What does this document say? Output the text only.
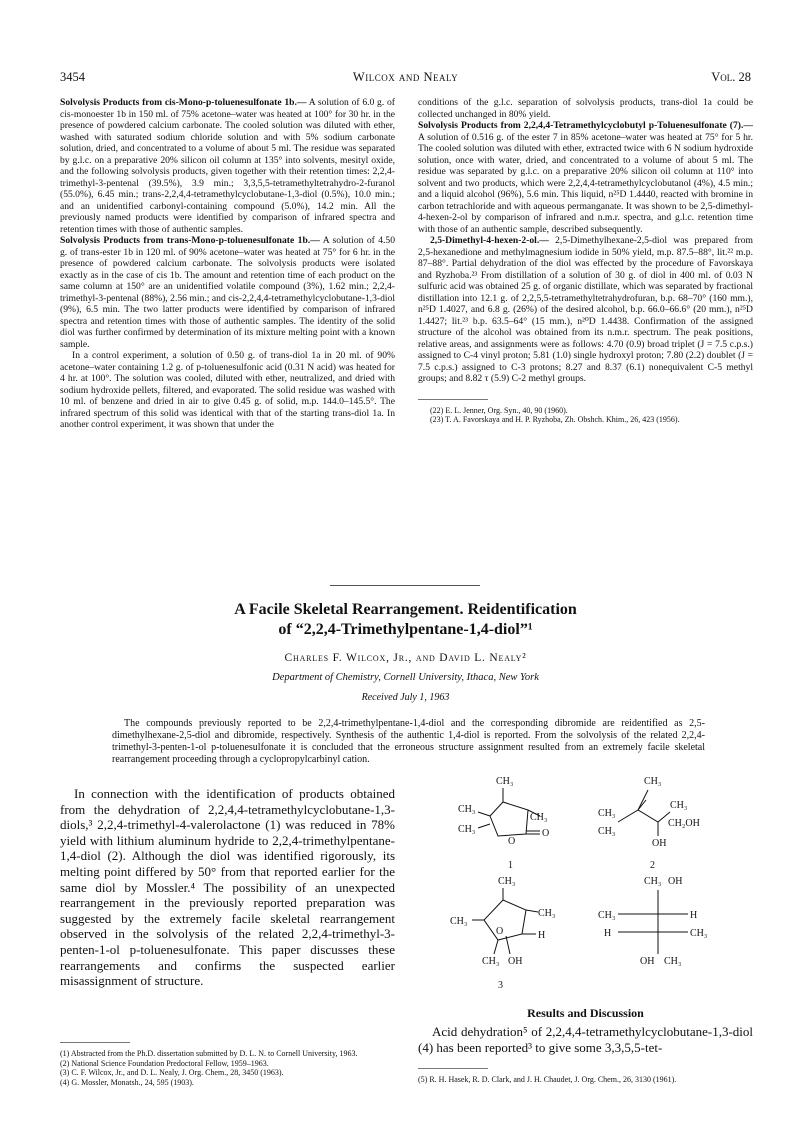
3454	Wilcox and Nealy	Vol. 28

Solvolysis Products from cis-Mono-p-toluenesulfonate 1b.— A solution of 6.0 g. of cis-monoester 1b in 150 ml. of 75% acetone–water was heated at 100° for 30 hr. in the presence of powdered calcium carbonate. The cooled solution was diluted with ether, washed with saturated sodium chloride solution and with 5% sodium carbonate solution, dried, and concentrated to a volume of about 5 ml. The residue was separated by g.l.c. on a preparative 20% silicon oil column at 135° into solvents, mesityl oxide, and the following solvolysis products, given together with their retention times: 2,2,4-trimethyl-3-pentenal (39.5%), 3.9 min.; 3,3,5,5-tetramethyltetrahydro-2-furanol (55.0%), 6.45 min.; trans-2,2,4,4-tetramethylcyclobutane-1,3-diol (0.5%), 10.0 min.; and an unidentified carbonyl-containing compound (5.0%), 14.2 min. All the previously named products were identified by comparison of infrared spectra and retention times with those of authentic samples.

Solvolysis Products from trans-Mono-p-toluenesulfonate 1b.— A solution of 4.50 g. of trans-ester 1b in 120 ml. of 90% acetone–water was heated at 75° for 6 hr. in the presence of powdered calcium carbonate. The solvolysis products were isolated exactly as in the case of cis 1b. The amount and retention time of each product on the same column at 150° are an unidentified volatile compound (3%), 1.62 min.; 2,2,4-trimethyl-3-pentenal (88%), 2.56 min.; and cis-2,2,4,4-tetramethylcyclobutane-1,3-diol (9%), 6.5 min. The two latter products were identified by comparison of infrared spectra and retention times with those of authentic samples. The identity of the solid diol was further confirmed by determination of its mixture melting point with a known sample.

In a control experiment, a solution of 0.50 g. of trans-diol 1a in 20 ml. of 90% acetone–water containing 1.2 g. of p-toluenesulfonic acid (0.31 N acid) was heated for 4 hr. at 100°. The solution was cooled, diluted with ether, neutralized, and dried with sodium hydroxide pellets, filtered, and evaporated. The solid residue was washed with 10 ml. of benzene and dried in air to give 0.45 g. of solid, m.p. 144.0–145.5°. The infrared spectrum of this solid was identical with that of the starting trans-diol 1a. In another control experiment, it was shown that under the

conditions of the g.l.c. separation of solvolysis products, trans-diol 1a could be collected unchanged in 80% yield.

Solvolysis Products from 2,2,4,4-Tetramethylcyclobutyl p-Toluenesulfonate (7).— A solution of 0.516 g. of the ester 7 in 85% acetone–water was heated at 75° for 5 hr. The cooled solution was diluted with ether, extracted twice with 6 N sodium hydroxide solution, once with water, dried, and concentrated to a volume of about 5 ml. The residue was separated by g.l.c. on a preparative 20% silicon oil column at 110° into solvent and two products, which were 2,2,4,4-tetramethylcyclobutanol (4%), 4.5 min.; and a liquid alcohol (96%), 5.6 min. This liquid, n²⁵D 1.4440, reacted with bromine in carbon tetrachloride and with aqueous permanganate. It was shown to be 2,5-dimethyl-4-hexen-2-ol by comparison of infrared and n.m.r. spectra, and g.l.c. retention time with those of an authentic sample, described subsequently.

2,5-Dimethyl-4-hexen-2-ol.— 2,5-Dimethylhexane-2,5-diol was prepared from 2,5-hexanedione and methylmagnesium iodide in 50% yield, m.p. 87.5–88°, lit.²² m.p. 87–88°. Partial dehydration of the diol was effected by the procedure of Favorskaya and Ryzhoba.²³ From distillation of a solution of 30 g. of diol in 400 ml. of 0.03 N sulfuric acid was obtained 25 g. of organic distillate, which was separated by fractional distillation into 12.1 g. of 2,2,5,5-tetramethyltetrahydrofuran, b.p. 68–70° (160 mm.), n²⁵D 1.4027, and 6.8 g. (26%) of the desired alcohol, b.p. 66.0–66.6° (20 mm.), n²⁵D 1.4427; lit.²³ b.p. 63.5–64° (15 mm.), n²⁰D 1.4438. Confirmation of the assigned structure of the alcohol was obtained from its n.m.r. spectrum. The peak positions, relative areas, and assignments were as follows: 4.70 (0.9) broad triplet (J = 7.5 c.p.s.) assigned to C-4 vinyl proton; 5.81 (1.0) single hydroxyl proton; 7.80 (2.2) doublet (J = 7.5 c.p.s.) assigned to C-3 protons; 8.27 and 8.37 (6.1) nonequivalent C-5 methyl groups; and 8.82 τ (5.9) C-2 methyl groups.

(22) E. L. Jenner, Org. Syn., 40, 90 (1960).

(23) T. A. Favorskaya and H. P. Ryzhoba, Zh. Obshch. Khim., 26, 423 (1956).

A Facile Skeletal Rearrangement. Reidentification
of “2,2,4-Trimethylpentane-1,4-diol”¹
Charles F. Wilcox, Jr., and David L. Nealy²
Department of Chemistry, Cornell University, Ithaca, New York
Received July 1, 1963
The compounds previously reported to be 2,2,4-trimethylpentane-1,4-diol and the corresponding dibromide are reidentified as 2,5-dimethylhexane-2,5-diol and dibromide, respectively. Synthesis of the authentic 1,4-diol is reported. From the solvolysis of the related 2,2,4-trimethyl-3-penten-1-ol p-toluenesulfonate it is concluded that the erroneous structure assignment resulted from an extremely facile skeletal rearrangement proceeding through a cyclopropylcarbinyl cation.

In connection with the identification of products obtained from the dehydration of 2,2,4,4-tetramethylcyclobutane-1,3-diols,³ 2,2,4-trimethyl-4-valerolactone (1) was reduced in 78% yield with lithium aluminum hydride to 2,2,4-trimethylpentane-1,4-diol (2). Although the diol was identified rigorously, its melting point differed by 50° from that reported earlier for the same diol by Mossler.⁴ The possibility of an unexpected rearrangement in the previously reported preparation was suggested by the extremely facile skeletal rearrangement observed in the solvolysis of the related 2,2,4-trimethyl-3-penten-1-ol p-toluenesulfonate. This paper discusses these rearrangements and confirms the suspected earlier misassignment of structure.

(1) Abstracted from the Ph.D. dissertation submitted by D. L. N. to Cornell University, 1963.

(2) National Science Foundation Predoctoral Fellow, 1959–1963.

(3) C. F. Wilcox, Jr., and D. L. Nealy, J. Org. Chem., 28, 3450 (1963).

(4) G. Mossler, Monatsh., 24, 595 (1903).

CH₃
CH₃
CH₃
CH₃
O
O
1
CH₃
CH₃
CH₃
CH₃
CH₂OH
OH
2
CH₃
CH₃
CH₃
H
O
CH₃ OH
3
CH₃ OH
CH₃	H
H	CH₃
OH CH₃
Results and Discussion

Acid dehydration⁵ of 2,2,4,4-tetramethylcyclobutane-1,3-diol (4) has been reported³ to give some 3,3,5,5-tet-

(5) R. H. Hasek, R. D. Clark, and J. H. Chaudet, J. Org. Chem., 26, 3130 (1961).
